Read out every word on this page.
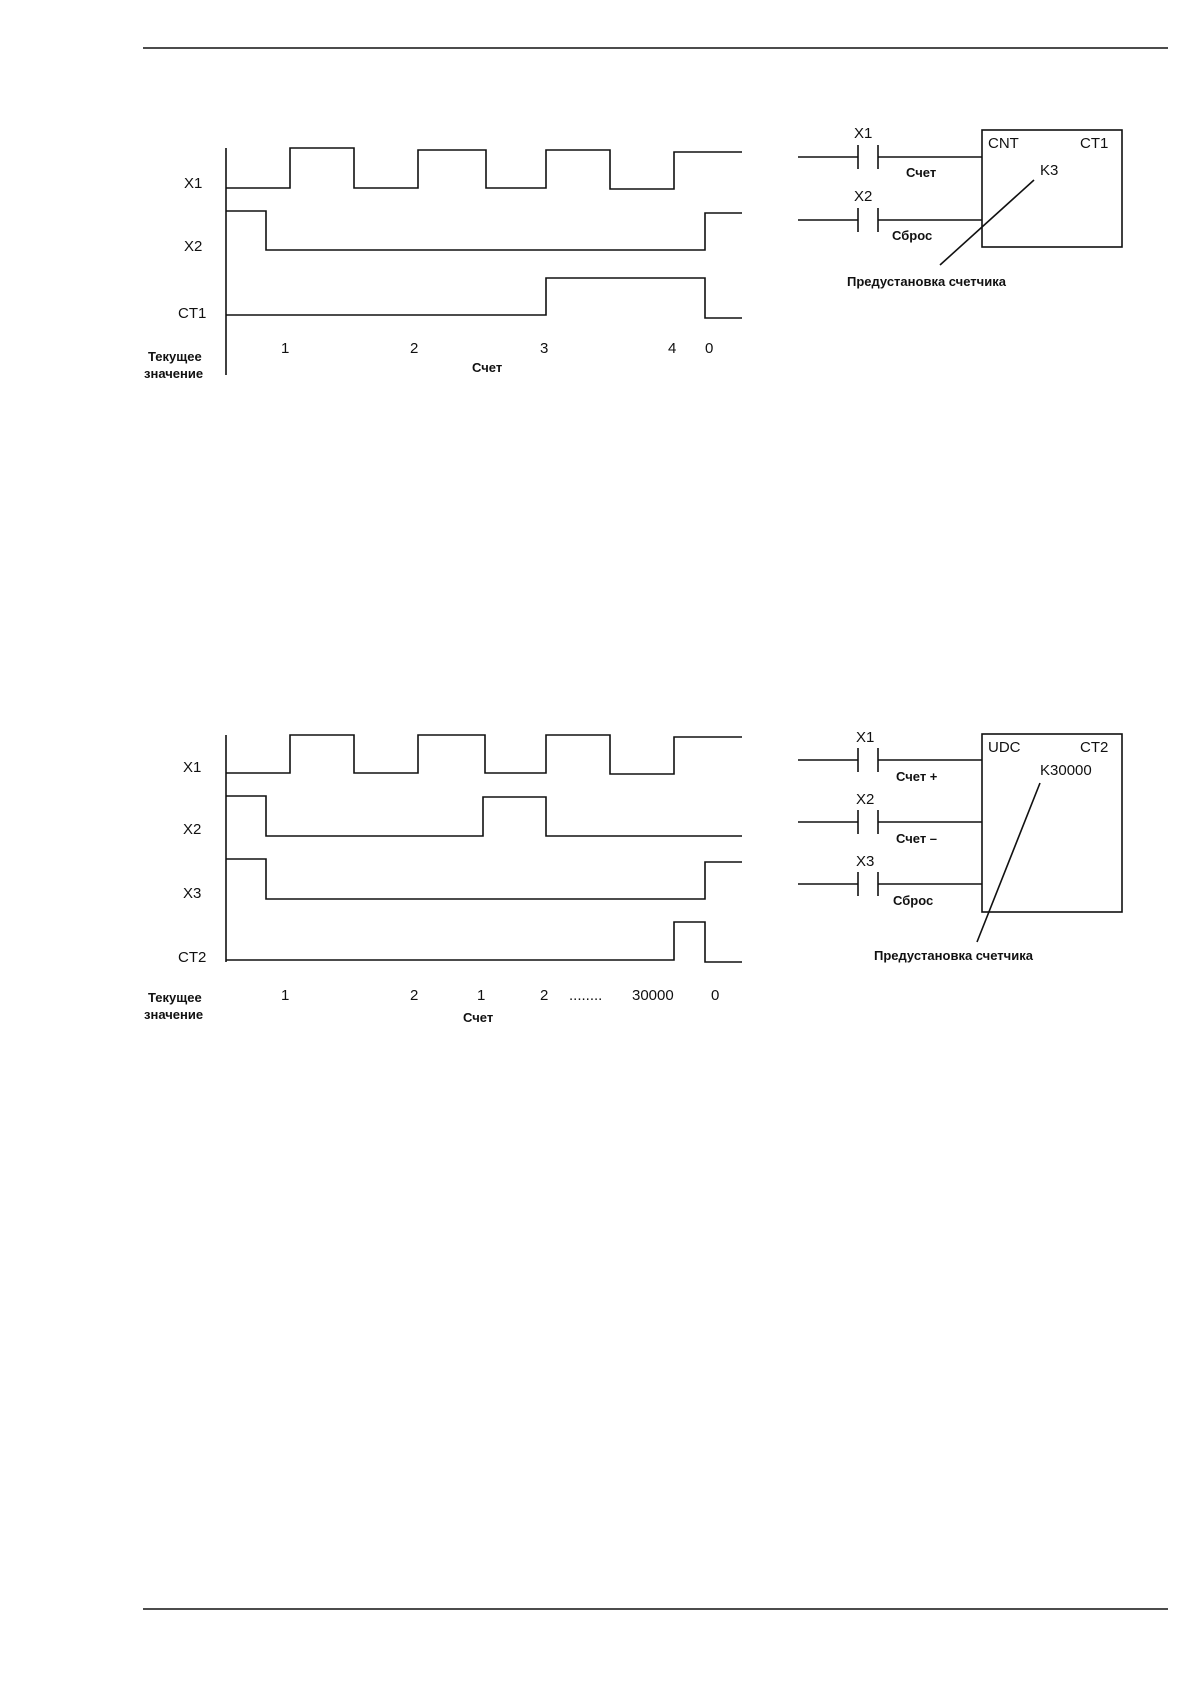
X1
X2
CT1
Текущее
значение
1	2	3	4 0
Счет
X1
Счет
X2
Сброс
CNT	CT1
K3
Предустановка счетчика
X1
X2
X3
CT2
Текущее
значение
1	2	1	2 ........ 30000 0
Счет
X1
Счет +
X2
Счет –
X3
Сброс
UDC	CT2
K30000
Предустановка счетчика
